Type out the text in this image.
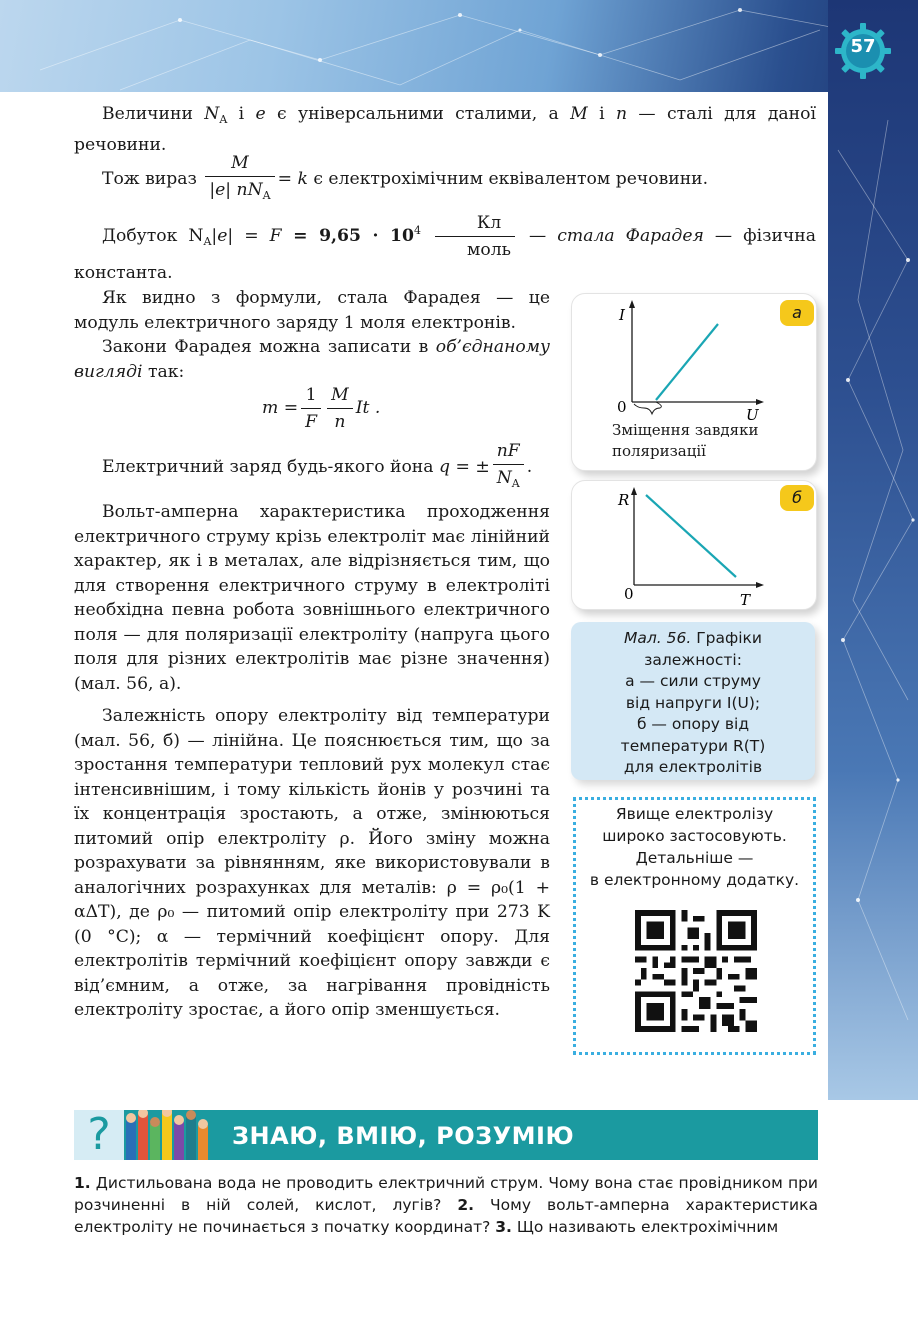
57
Величини $N_A$ і e є універсальними сталими, а M і n — сталі для даної речовини.
Тож вираз $\frac{M}{|e| nN_A} = k$ є електрохімічним еквівалентом речовини.
Добуток $N_A|e| = F = 9,65 \cdot 10^4 \frac{Кл}{\text{моль}}$ — стала Фарадея — фізична константа.
Як видно з формули, стала Фарадея — це модуль електричного заряду 1 моля електронів.
Закони Фарадея можна записати в об’єднаному вигляді так:
$m = \frac{1}{F} \frac{M}{n}$ It .
Електричний заряд будь-якого йона q = ± $\frac{nF}{N_A}$ .
Вольт-амперна характеристика проходження електричного струму крізь електроліт має лінійний характер, як і в металах, але відрізняється тим, що для створення електричного струму в електроліті необхідна певна робота зовнішнього електричного поля — для поляризації електроліту (напруга цього поля для різних електролітів має різне значення) (мал. 56, а).
Залежність опору електроліту від температури (мал. 56, б) — лінійна. Це пояснюється тим, що за зростання температури тепловий рух молекул стає інтенсивнішим, і тому кількість йонів у розчині та їх концентрація зростають, а отже, змінюються питомий опір електроліту ρ. Його зміну можна розрахувати за рівнянням, яке використовували в аналогічних розрахунках для металів: ρ = ρ₀(1 + αΔT), де ρ₀ — питомий опір електроліту при 273 K (0 °C); α — термічний коефіцієнт опору. Для електролітів термічний коефіцієнт опору завжди є від’ємним, а отже, за нагрівання провідність електроліту зростає, а його опір зменшується.
I
U
0
а
Зміщення завдяки поляризації
R
T
0
б
Мал. 56. Графіки
залежності:
а — сили струму
від напруги I(U);
б — опору від
температури R(T)
для електролітів
Явище електролізу
широко застосовують.
Детальніше —
в електронному додатку.
?	ЗНАЮ, ВМІЮ, РОЗУМІЮ
1. Дистильована вода не проводить електричний струм. Чому вона стає провідником при розчиненні в ній солей, кислот, лугів? 2. Чому вольт-амперна характеристика електроліту не починається з початку координат? 3. Що називають електрохімічним
